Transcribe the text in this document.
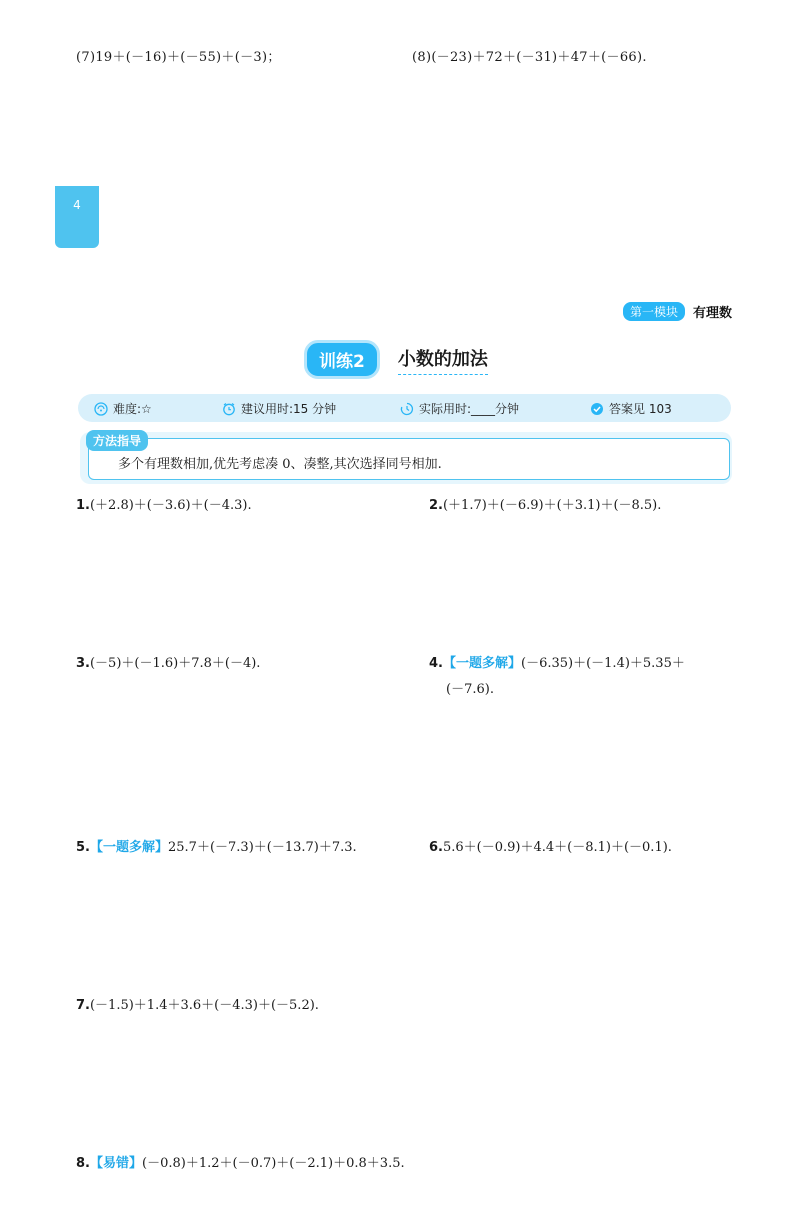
(7)19＋(－16)＋(－55)＋(－3)；	(8)(－23)＋72＋(－31)＋47＋(－66).
4
第一模块	有理数
训练2	小数的加法
难度:☆	建议用时:15 分钟	实际用时:____分钟	答案见 103
方法指导
多个有理数相加,优先考虑凑 0、凑整,其次选择同号相加.
1.(＋2.8)＋(－3.6)＋(－4.3).	2.(＋1.7)＋(－6.9)＋(＋3.1)＋(－8.5).
3.(－5)＋(－1.6)＋7.8＋(－4).	4.【一题多解】(－6.35)＋(－1.4)＋5.35＋
(－7.6).
5.【一题多解】25.7＋(－7.3)＋(－13.7)＋7.3.	6.5.6＋(－0.9)＋4.4＋(－8.1)＋(－0.1).
7.(－1.5)＋1.4＋3.6＋(－4.3)＋(－5.2).
8.【易错】(－0.8)＋1.2＋(－0.7)＋(－2.1)＋0.8＋3.5.
